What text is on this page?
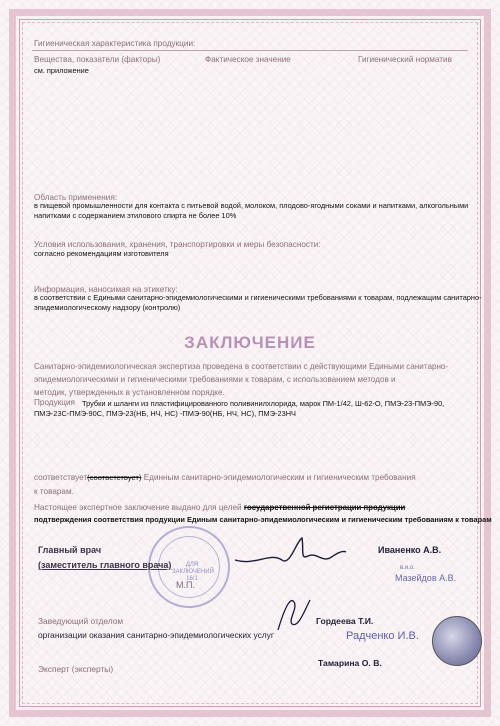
Гигиеническая характеристика продукции:
Вещества, показатели (факторы)	Фактическое значение	Гигиенический норматив
см. приложение
Область применения:
в пищевой промышленности для контакта с питьевой водой, молоком, плодово-ягодными соками и напитками, алкогольными
напитками с содержанием этилового спирта не более 10%
Условия использования, хранения, транспортировки и меры безопасности:
согласно рекомендациям изготовителя
Информация, наносимая на этикетку:
в соответствии с Едиными санитарно-эпидемиологическими и гигиеническими требованиями к товарам, подлежащим санитарно-
эпидемиологическому надзору (контролю)
ЗАКЛЮЧЕНИЕ
Санитарно-эпидемиологическая экспертиза проведена в соответствии с действующими Едиными санитарно-
эпидемиологическими и гигиеническими требованиями к товарам, с использованием методов и
методик, утвержденных в установленном порядке.
Продукция Трубки и шланги из пластифицированного поливинилхлорида, марок ПМ-1/42, Ш-62-О, ПМЭ-23-ПМЭ-90,
ПМЭ-23С-ПМЭ-90С, ПМЭ-23(НБ, НЧ, НС) -ПМЭ-90(НБ, НЧ, НС), ПМЭ-23НЧ
соответствует(соответствует) Единным санитарно-эпидемиологическим и гигиеническим требования
к товарам.
Настоящее экспертное заключение выдано для целей государственной регистрации продукции
подтверждения соответствия продукции Единым санитарно-эпидемиологическим и гигиеническим требованиям к товарам
ДЛЯ ЗАКЛЮЧЕНИЙ 16/1
Главный врач
(заместитель главного врача)
М.П.
Иваненко А.В.
в.и.о.
Мазейдов А.В.
Заведующий отделом
организации оказания санитарно-эпидемиологических услуг
Гордеева Т.И.
Радченко И.В.
Эксперт (эксперты)
Тамарина О. В.
